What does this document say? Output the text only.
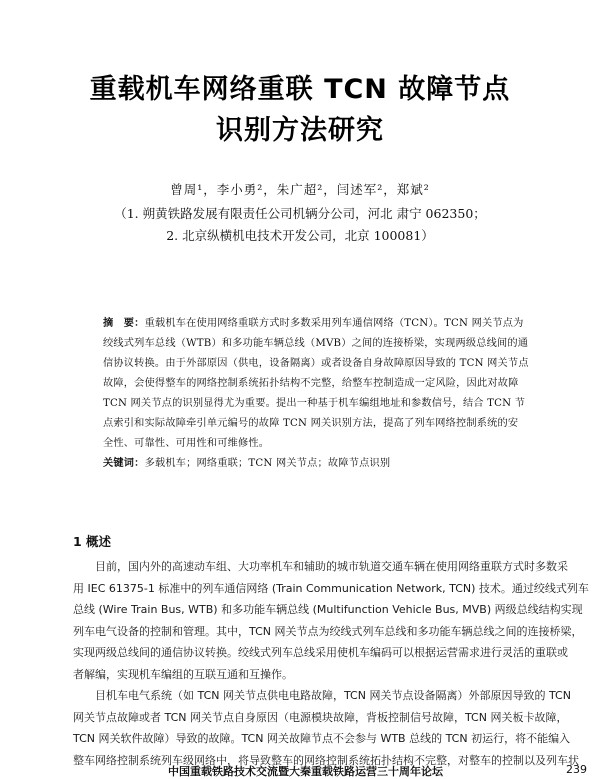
重载机车网络重联 TCN 故障节点
识别方法研究
曾周¹，李小勇²，朱广超²，闫述军²，郑斌²
（1. 朔黄铁路发展有限责任公司机辆分公司，河北 肃宁 062350；
2. 北京纵横机电技术开发公司，北京 100081）
摘　要：重载机车在使用网络重联方式时多数采用列车通信网络（TCN）。TCN 网关节点为
绞线式列车总线（WTB）和多功能车辆总线（MVB）之间的连接桥梁，实现两级总线间的通
信协议转换。由于外部原因（供电，设备隔离）或者设备自身故障原因导致的 TCN 网关节点
故障，会使得整车的网络控制系统拓扑结构不完整，给整车控制造成一定风险，因此对故障
TCN 网关节点的识别显得尤为重要。提出一种基于机车编组地址和参数信号，结合 TCN 节
点索引和实际故障牵引单元编号的故障 TCN 网关识别方法，提高了列车网络控制系统的安
全性、可靠性、可用性和可维修性。
关键词：多载机车；网络重联；TCN 网关节点；故障节点识别
1 概述
　　目前，国内外的高速动车组、大功率机车和辅助的城市轨道交通车辆在使用网络重联方式时多数采
用 IEC 61375-1 标准中的列车通信网络 (Train Communication Network, TCN) 技术。通过绞线式列车
总线 (Wire Train Bus, WTB) 和多功能车辆总线 (Multifunction Vehicle Bus, MVB) 两级总线结构实现
列车电气设备的控制和管理。其中，TCN 网关节点为绞线式列车总线和多功能车辆总线之间的连接桥梁，
实现两级总线间的通信协议转换。绞线式列车总线采用使机车编码可以根据运营需求进行灵活的重联或
者解编，实现机车编组的互联互通和互操作。
　　目机车电气系统（如 TCN 网关节点供电电路故障，TCN 网关节点设备隔离）外部原因导致的 TCN
网关节点故障或者 TCN 网关节点自身原因（电源模块故障，背板控制信号故障，TCN 网关板卡故障，
TCN 网关软件故障）导致的故障。TCN 网关故障节点不会参与 WTB 总线的 TCN 初运行，将不能编入
整车网络控制系统列车级网络中，将导致整车的网络控制系统拓扑结构不完整，对整车的控制以及列车状
中国重载铁路技术交流暨大秦重载铁路运营三十周年论坛	239
